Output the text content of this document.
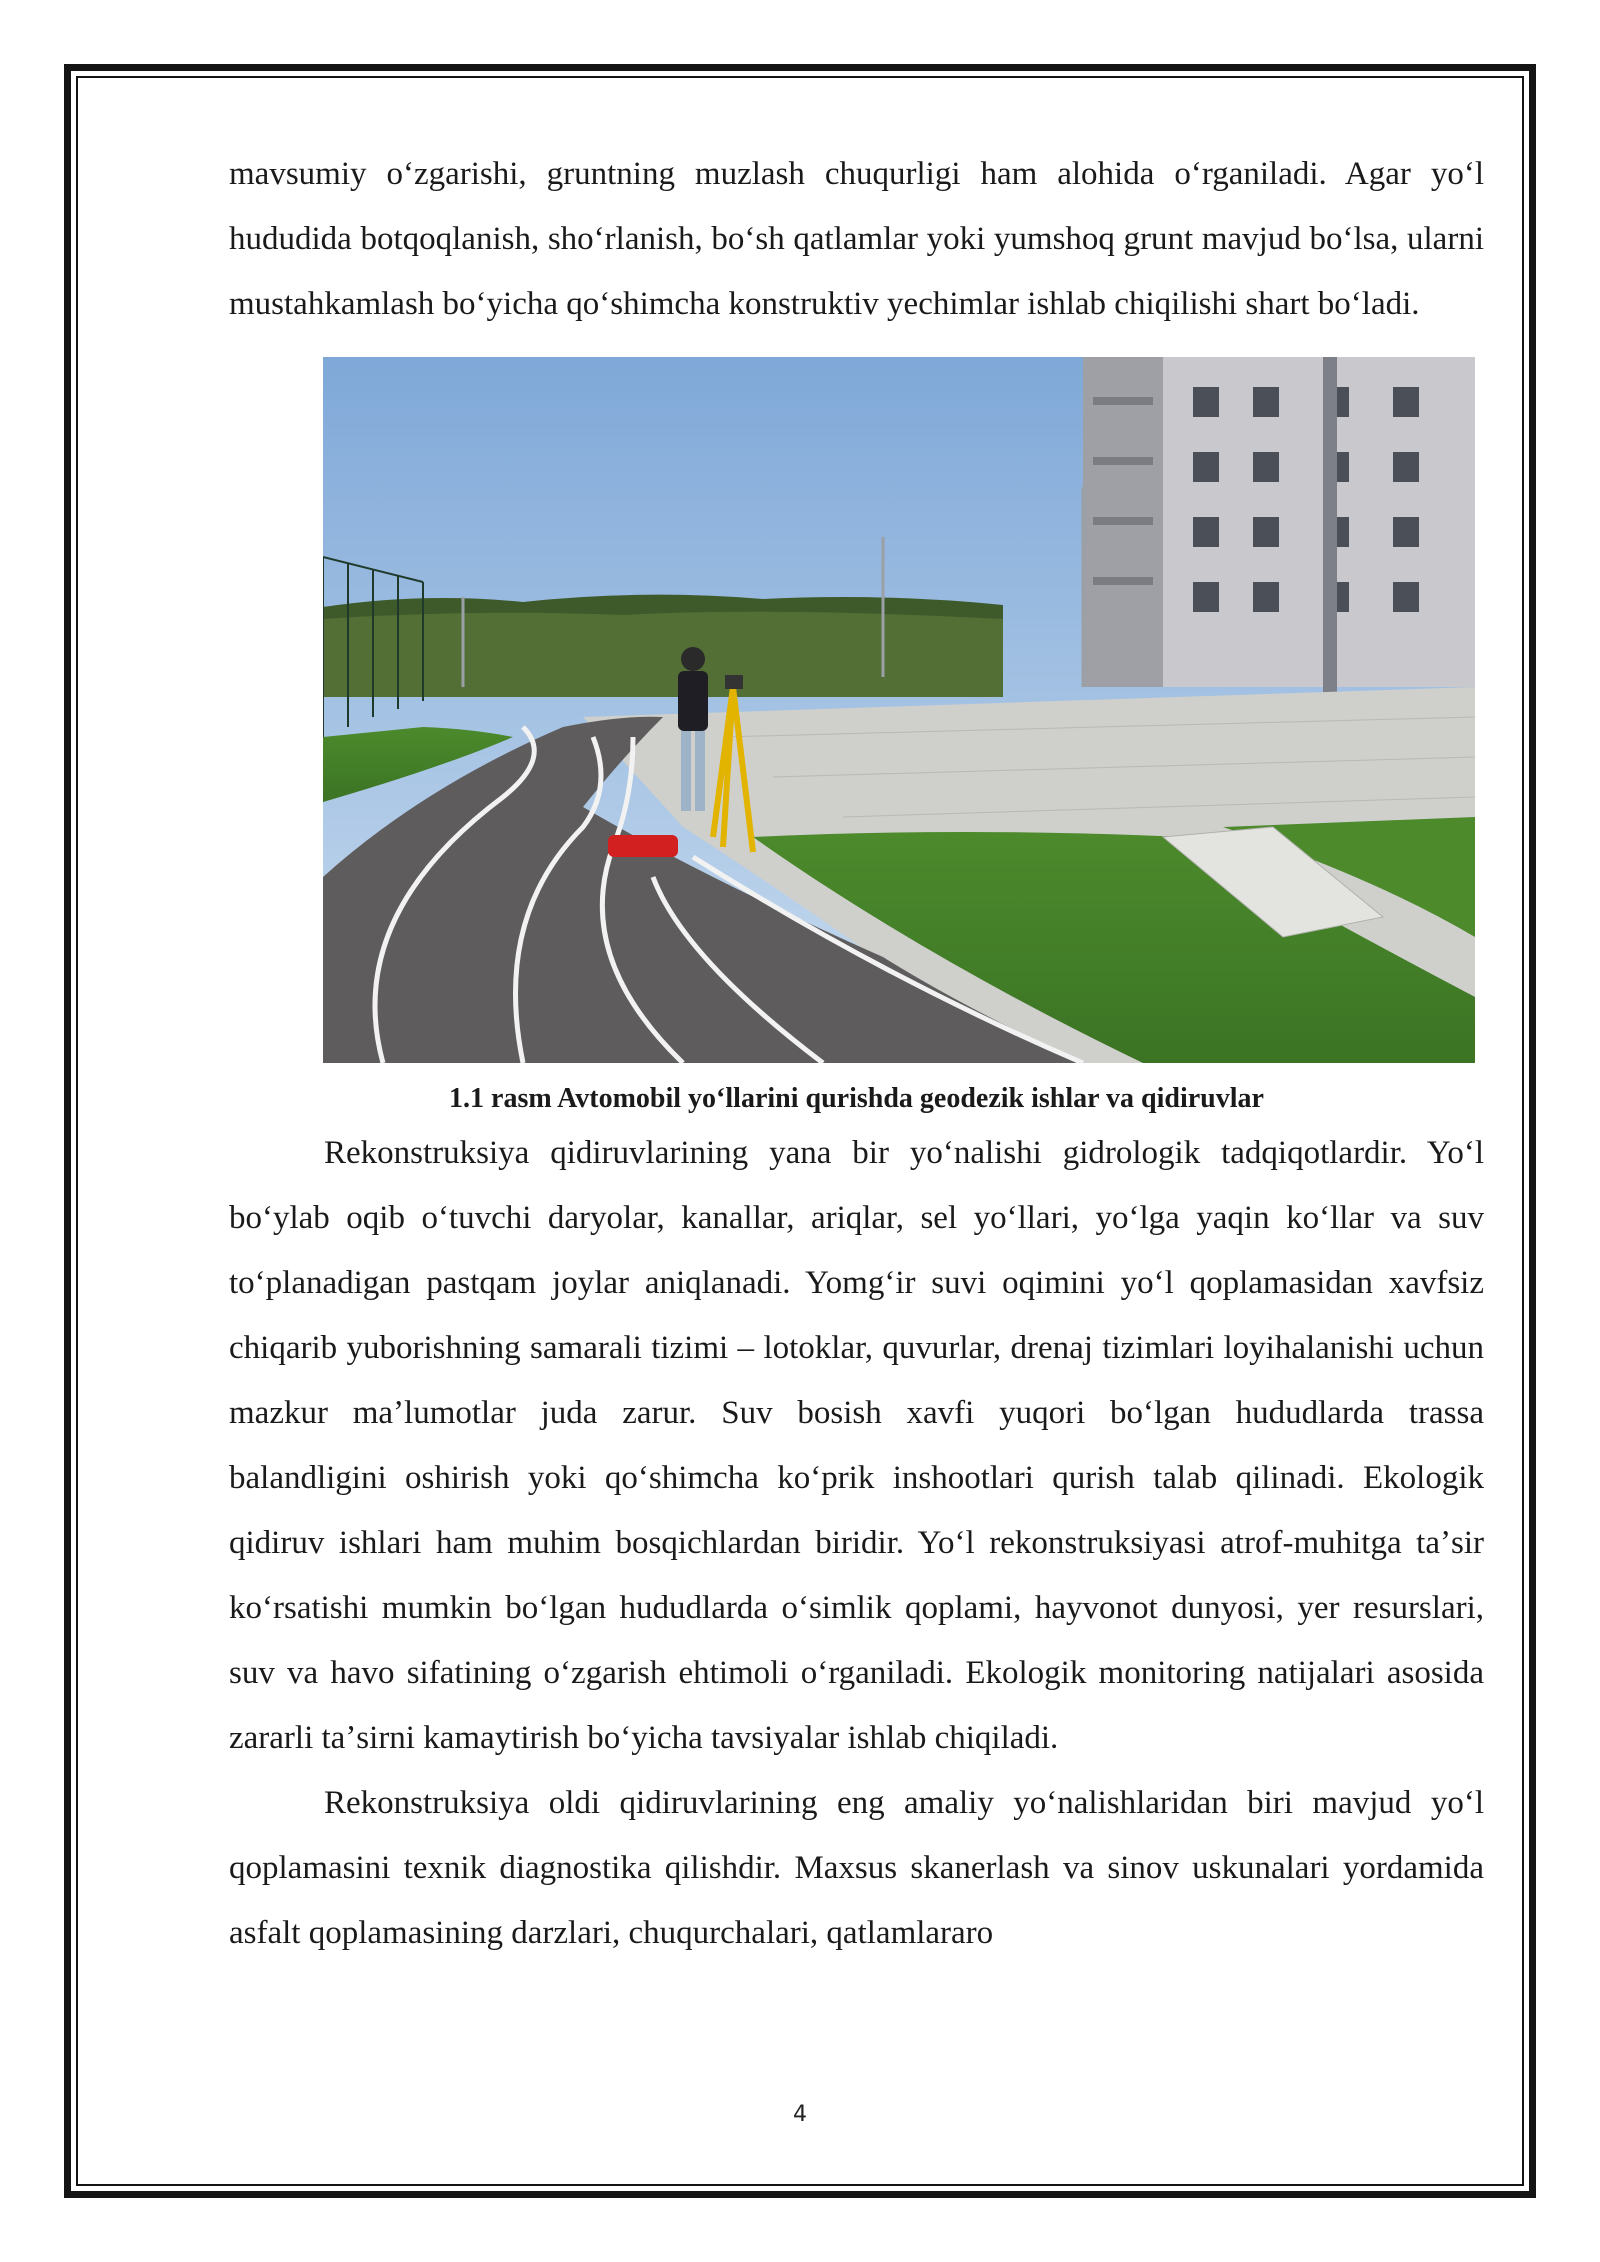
mavsumiy oʻzgarishi, gruntning muzlash chuqurligi ham alohida oʻrganiladi. Agar yoʻl hududida botqoqlanish, shoʻrlanish, boʻsh qatlamlar yoki yumshoq grunt mavjud boʻlsa, ularni mustahkamlash boʻyicha qoʻshimcha konstruktiv yechimlar ishlab chiqilishi shart boʻladi.

1.1 rasm Avtomobil yoʻllarini qurishda geodezik ishlar va qidiruvlar

Rekonstruksiya qidiruvlarining yana bir yoʻnalishi gidrologik tadqiqotlardir. Yoʻl boʻylab oqib oʻtuvchi daryolar, kanallar, ariqlar, sel yoʻllari, yoʻlga yaqin koʻllar va suv toʻplanadigan pastqam joylar aniqlanadi. Yomgʻir suvi oqimini yoʻl qoplamasidan xavfsiz chiqarib yuborishning samarali tizimi – lotoklar, quvurlar, drenaj tizimlari loyihalanishi uchun mazkur maʼlumotlar juda zarur. Suv bosish xavfi yuqori boʻlgan hududlarda trassa balandligini oshirish yoki qoʻshimcha koʻprik inshootlari qurish talab qilinadi. Ekologik qidiruv ishlari ham muhim bosqichlardan biridir. Yoʻl rekonstruksiyasi atrof-muhitga taʼsir koʻrsatishi mumkin boʻlgan hududlarda oʻsimlik qoplami, hayvonot dunyosi, yer resurslari, suv va havo sifatining oʻzgarish ehtimoli oʻrganiladi. Ekologik monitoring natijalari asosida zararli taʼsirni kamaytirish boʻyicha tavsiyalar ishlab chiqiladi.

Rekonstruksiya oldi qidiruvlarining eng amaliy yoʻnalishlaridan biri mavjud yoʻl qoplamasini texnik diagnostika qilishdir. Maxsus skanerlash va sinov uskunalari yordamida asfalt qoplamasining darzlari, chuqurchalari, qatlamlararo

4
